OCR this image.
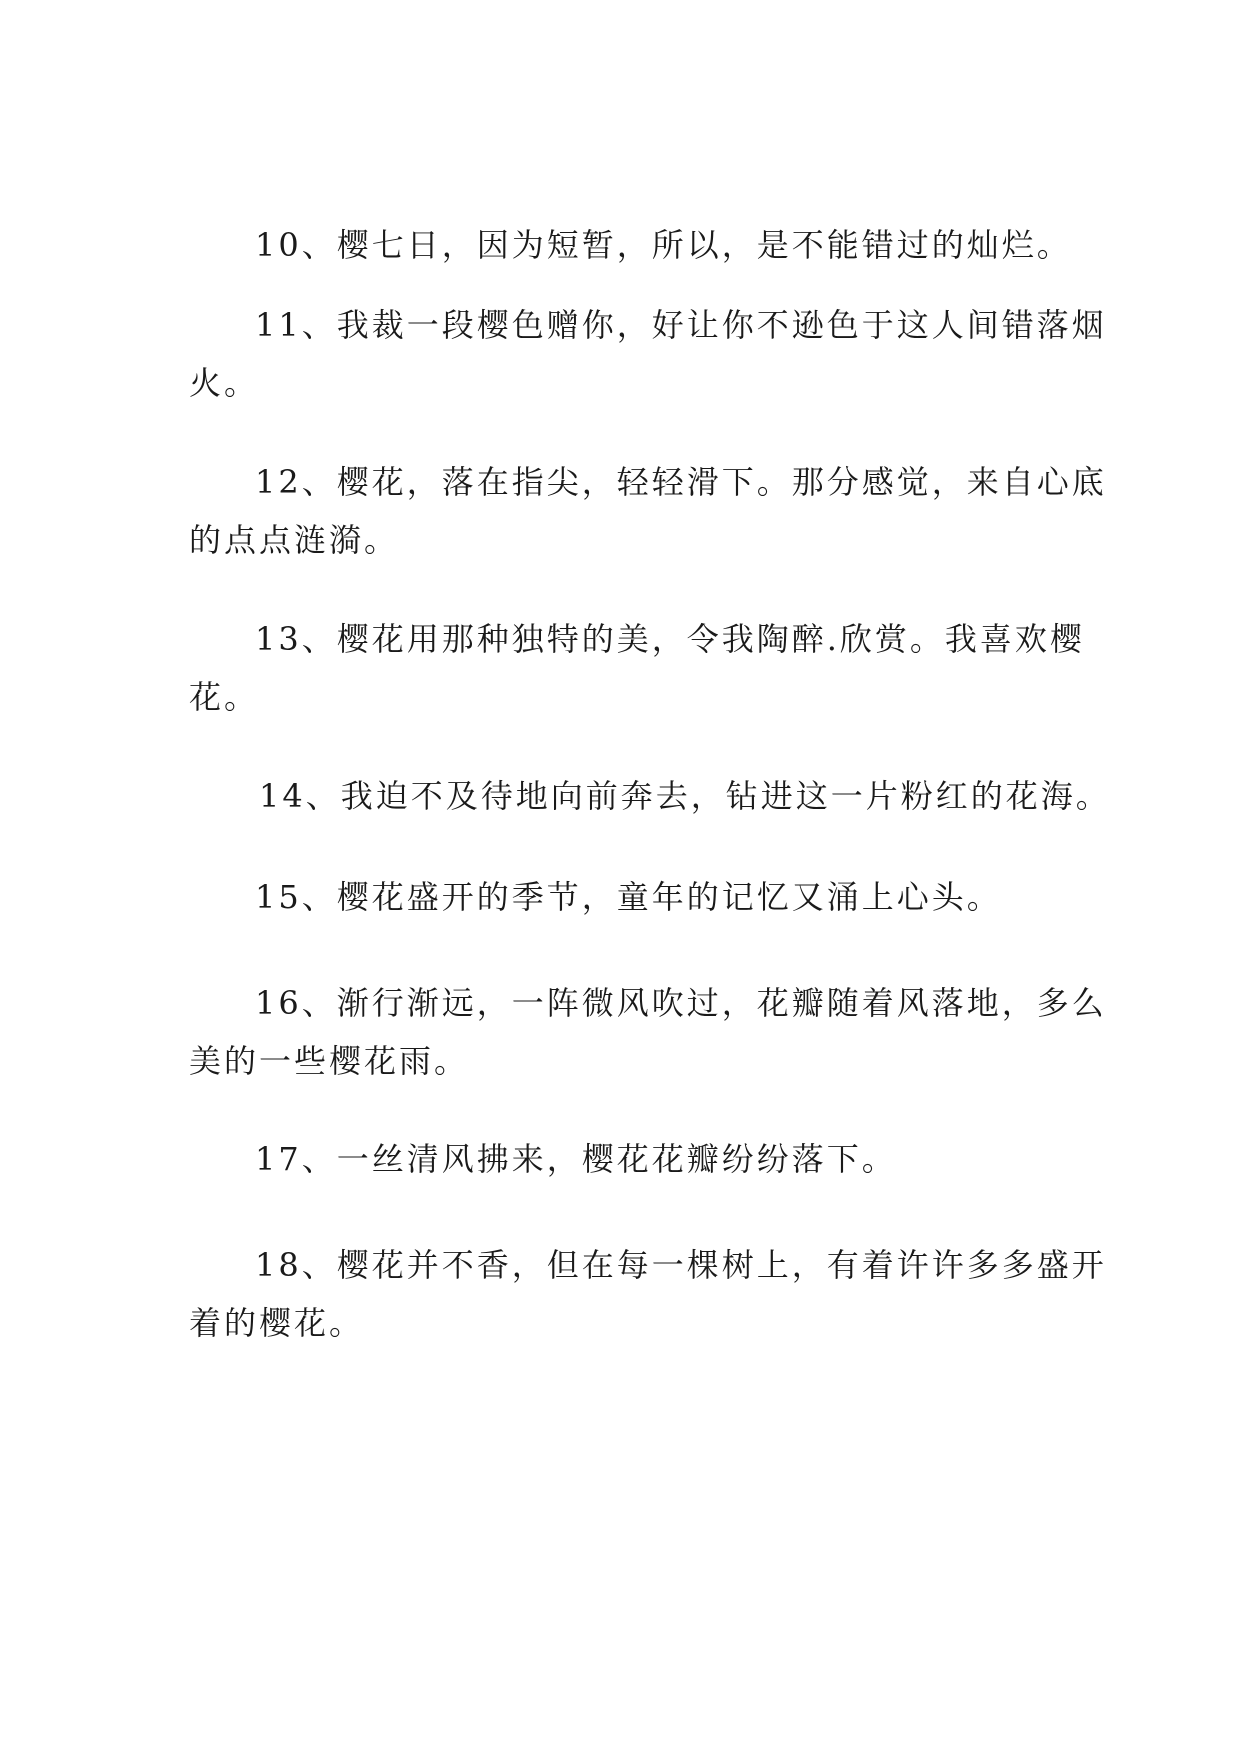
10、樱七日，因为短暂，所以，是不能错过的灿烂。

11、我裁一段樱色赠你，好让你不逊色于这人间错落烟
火。

12、樱花，落在指尖，轻轻滑下。那分感觉，来自心底
的点点涟漪。

13、樱花用那种独特的美，令我陶醉.欣赏。我喜欢樱
花。

14、我迫不及待地向前奔去，钻进这一片粉红的花海。

15、樱花盛开的季节，童年的记忆又涌上心头。

16、渐行渐远，一阵微风吹过，花瓣随着风落地，多么
美的一些樱花雨。

17、一丝清风拂来，樱花花瓣纷纷落下。

18、樱花并不香，但在每一棵树上，有着许许多多盛开
着的樱花。
